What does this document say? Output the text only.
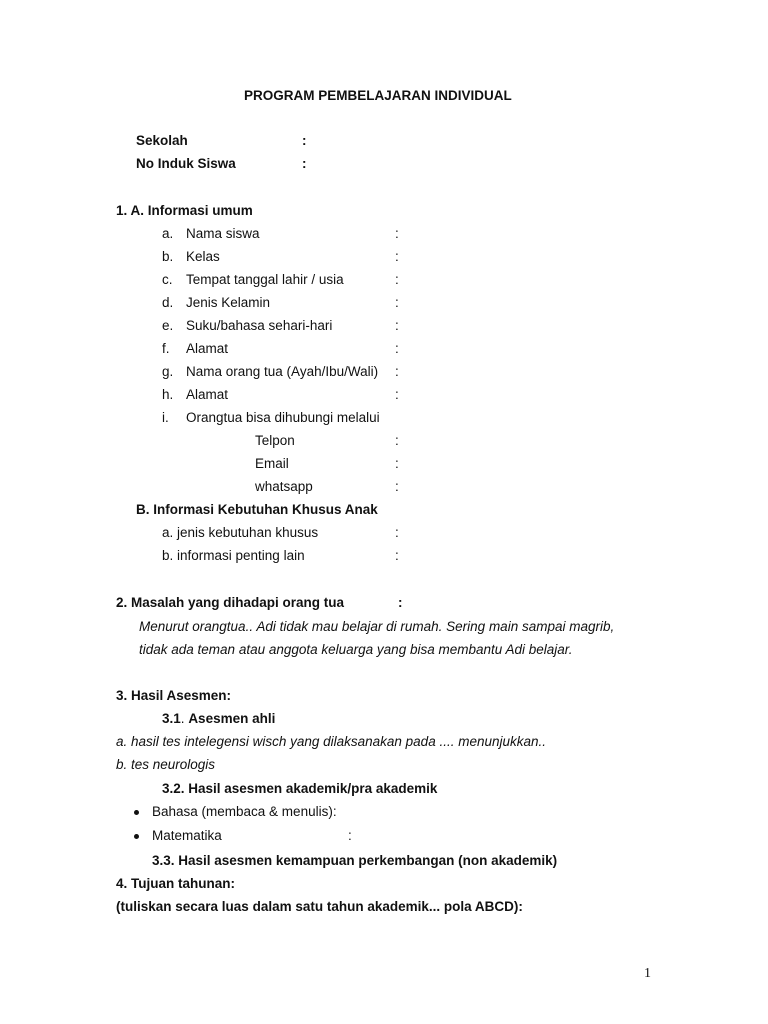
PROGRAM PEMBELAJARAN INDIVIDUAL
Sekolah	:
No Induk Siswa	:
1. A. Informasi umum
a. Nama siswa	:
b. Kelas	:
c. Tempat tanggal lahir / usia	:
d. Jenis Kelamin	:
e. Suku/bahasa sehari-hari	:
f. Alamat	:
g. Nama orang tua (Ayah/Ibu/Wali) :
h. Alamat	:
i. Orangtua bisa dihubungi melalui
Telpon	:
Email	:
whatsapp	:
B. Informasi Kebutuhan Khusus Anak
a. jenis kebutuhan khusus	:
b. informasi penting lain	:
2. Masalah yang dihadapi orang tua	:
Menurut orangtua.. Adi tidak mau belajar di rumah. Sering main sampai magrib,
tidak ada teman atau anggota keluarga yang bisa membantu Adi belajar.
3. Hasil Asesmen:
3.1. Asesmen ahli
a. hasil tes intelegensi wisch yang dilaksanakan pada .... menunjukkan..
b. tes neurologis
3.2. Hasil asesmen akademik/pra akademik
Bahasa (membaca & menulis):
Matematika	:
3.3. Hasil asesmen kemampuan perkembangan (non akademik)
4. Tujuan tahunan:
(tuliskan secara luas dalam satu tahun akademik... pola ABCD):
1
